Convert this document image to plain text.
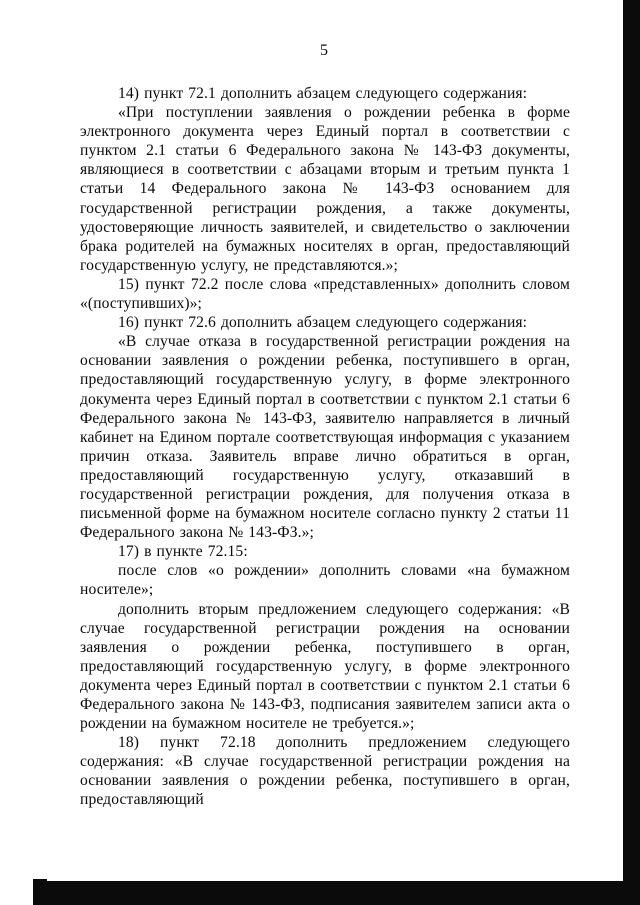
5

14) пункт 72.1 дополнить абзацем следующего содержания:

«При поступлении заявления о рождении ребенка в форме электронного документа через Единый портал в соответствии с пунктом 2.1 статьи 6 Федерального закона № 143-ФЗ документы, являющиеся в соответствии с абзацами вторым и третьим пункта 1 статьи 14 Федерального закона № 143-ФЗ основанием для государственной регистрации рождения, а также документы, удостоверяющие личность заявителей, и свидетельство о заключении брака родителей на бумажных носителях в орган, предоставляющий государственную услугу, не представляются.»;

15) пункт 72.2 после слова «представленных» дополнить словом «(поступивших)»;

16) пункт 72.6 дополнить абзацем следующего содержания:

«В случае отказа в государственной регистрации рождения на основании заявления о рождении ребенка, поступившего в орган, предоставляющий государственную услугу, в форме электронного документа через Единый портал в соответствии с пунктом 2.1 статьи 6 Федерального закона № 143-ФЗ, заявителю направляется в личный кабинет на Едином портале соответствующая информация с указанием причин отказа. Заявитель вправе лично обратиться в орган, предоставляющий государственную услугу, отказавший в государственной регистрации рождения, для получения отказа в письменной форме на бумажном носителе согласно пункту 2 статьи 11 Федерального закона № 143-ФЗ.»;

17) в пункте 72.15:

после слов «о рождении» дополнить словами «на бумажном носителе»;

дополнить вторым предложением следующего содержания: «В случае государственной регистрации рождения на основании заявления о рождении ребенка, поступившего в орган, предоставляющий государственную услугу, в форме электронного документа через Единый портал в соответствии с пунктом 2.1 статьи 6 Федерального закона № 143-ФЗ, подписания заявителем записи акта о рождении на бумажном носителе не требуется.»;

18) пункт 72.18 дополнить предложением следующего содержания: «В случае государственной регистрации рождения на основании заявления о рождении ребенка, поступившего в орган, предоставляющий
